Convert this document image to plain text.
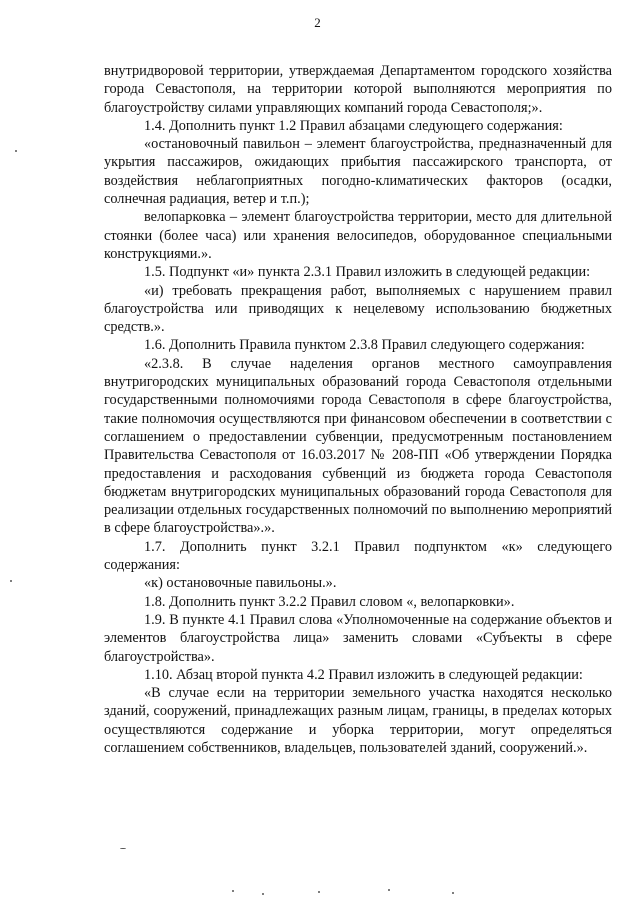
2

внутридворовой территории, утверждаемая Департаментом городского хозяйства города Севастополя, на территории которой выполняются мероприятия по благоустройству силами управляющих компаний города Севастополя;».

1.4. Дополнить пункт 1.2 Правил абзацами следующего содержания:

«остановочный павильон – элемент благоустройства, предназначенный для укрытия пассажиров, ожидающих прибытия пассажирского транспорта, от воздействия неблагоприятных погодно-климатических факторов (осадки, солнечная радиация, ветер и т.п.);

велопарковка – элемент благоустройства территории, место для длительной стоянки (более часа) или хранения велосипедов, оборудованное специальными конструкциями.».

1.5. Подпункт «и» пункта 2.3.1 Правил изложить в следующей редакции:

«и) требовать прекращения работ, выполняемых с нарушением правил благоустройства или приводящих к нецелевому использованию бюджетных средств.».

1.6. Дополнить Правила пунктом 2.3.8 Правил следующего содержания:

«2.3.8. В случае наделения органов местного самоуправления внутригородских муниципальных образований города Севастополя отдельными государственными полномочиями города Севастополя в сфере благоустройства, такие полномочия осуществляются при финансовом обеспечении в соответствии с соглашением о предоставлении субвенции, предусмотренным постановлением Правительства Севастополя от 16.03.2017 № 208-ПП «Об утверждении Порядка предоставления и расходования субвенций из бюджета города Севастополя бюджетам внутригородских муниципальных образований города Севастополя для реализации отдельных государственных полномочий по выполнению мероприятий в сфере благоустройства».».

1.7. Дополнить пункт 3.2.1 Правил подпунктом «к» следующего содержания:

«к) остановочные павильоны.».

1.8. Дополнить пункт 3.2.2 Правил словом «, велопарковки».

1.9. В пункте 4.1 Правил слова «Уполномоченные на содержание объектов и элементов благоустройства лица» заменить словами «Субъекты в сфере благоустройства».

1.10. Абзац второй пункта 4.2 Правил изложить в следующей редакции:

«В случае если на территории земельного участка находятся несколько зданий, сооружений, принадлежащих разным лицам, границы, в пределах которых осуществляются содержание и уборка территории, могут определяться соглашением собственников, владельцев, пользователей зданий, сооружений.».
